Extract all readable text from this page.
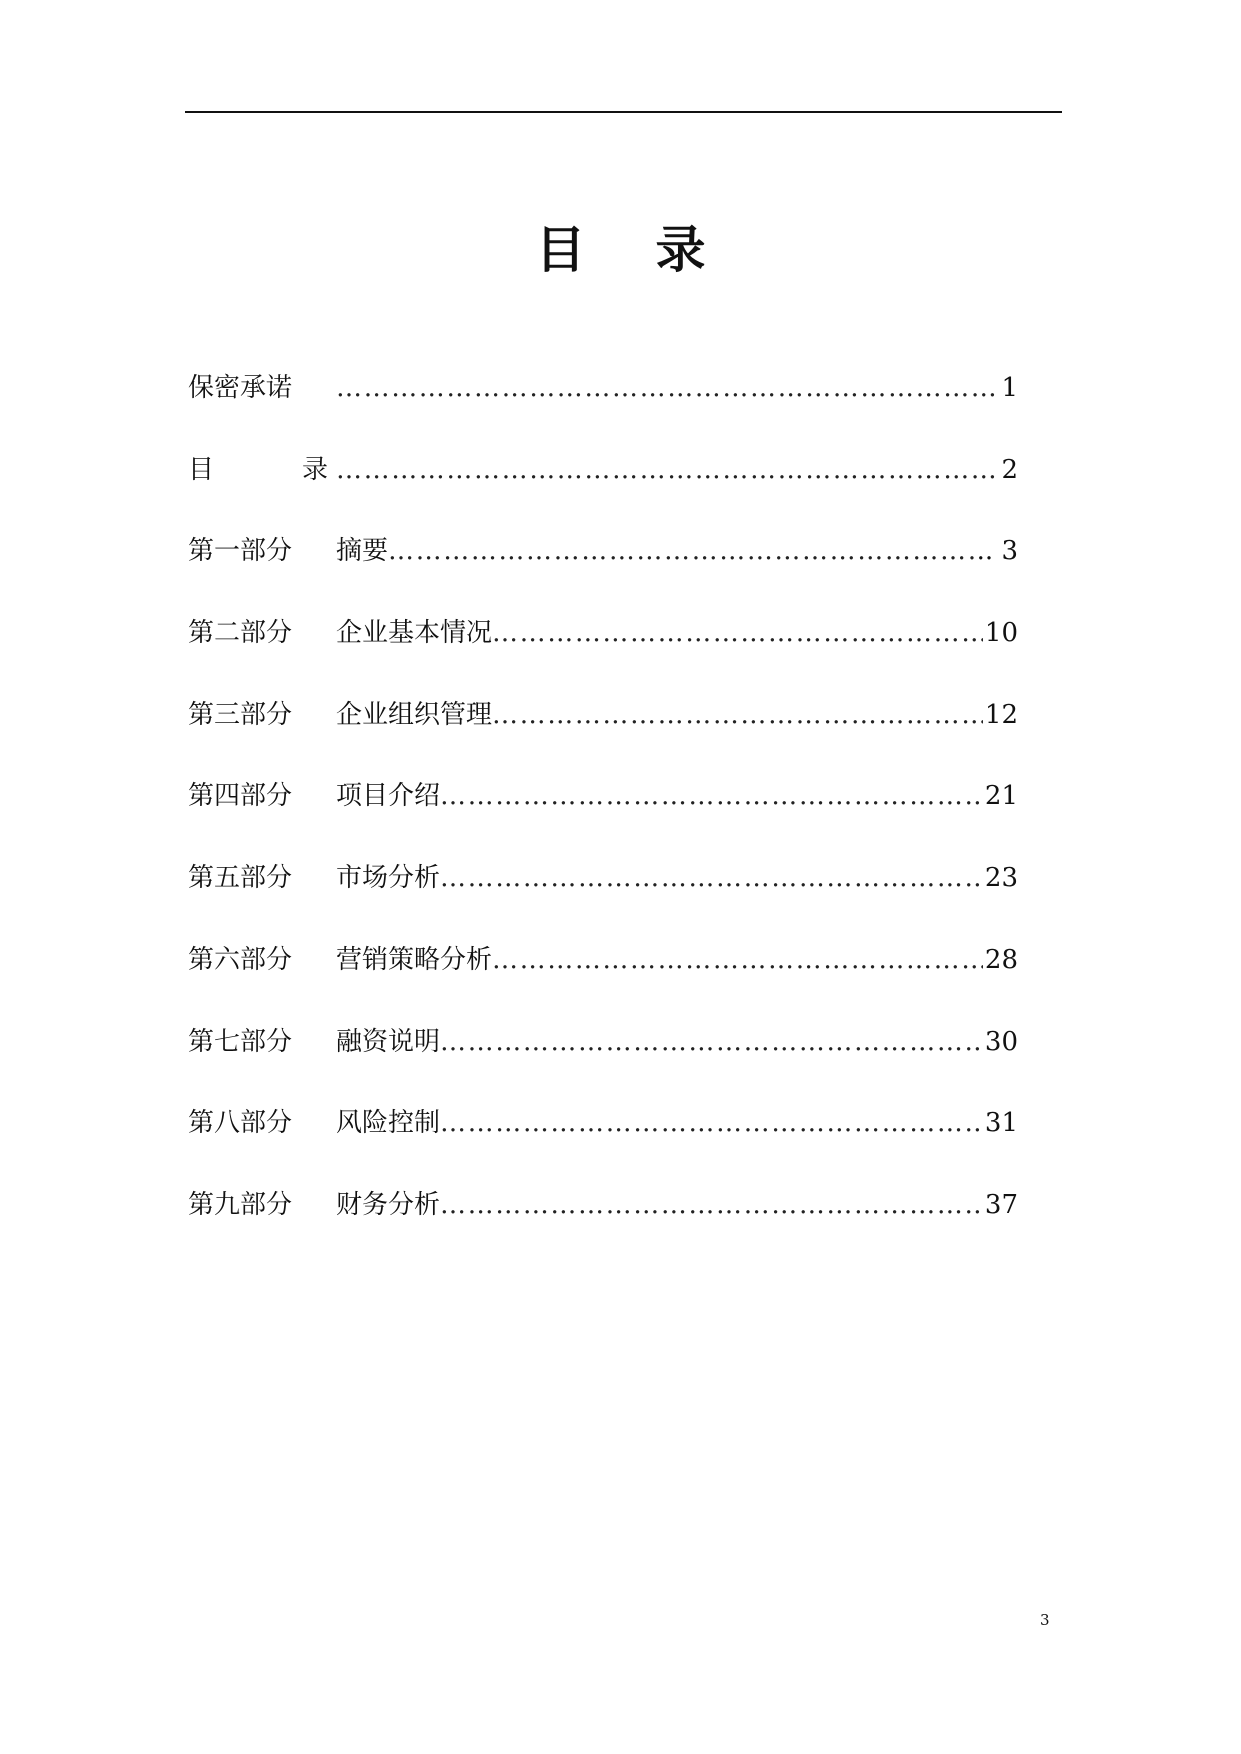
目 录
保密承诺 …………………………………………………………………………………………	1
目	录 …………………………………………………………………………………………	2
第一部分	摘要 …………………………………………………………………………………………	.. 3
第二部分	企业基本情况 …………………………………………………………………………………………	10
第三部分	企业组织管理 …………………………………………………………………………………………	12
第四部分	项目介绍 …………………………………………………………………………………………	21
第五部分	市场分析 …………………………………………………………………………………………	23
第六部分	营销策略分析 …………………………………………………………………………………………	28
第七部分	融资说明 …………………………………………………………………………………………	30
第八部分	风险控制 …………………………………………………………………………………………	31
第九部分	财务分析 …………………………………………………………………………………………	37
3
